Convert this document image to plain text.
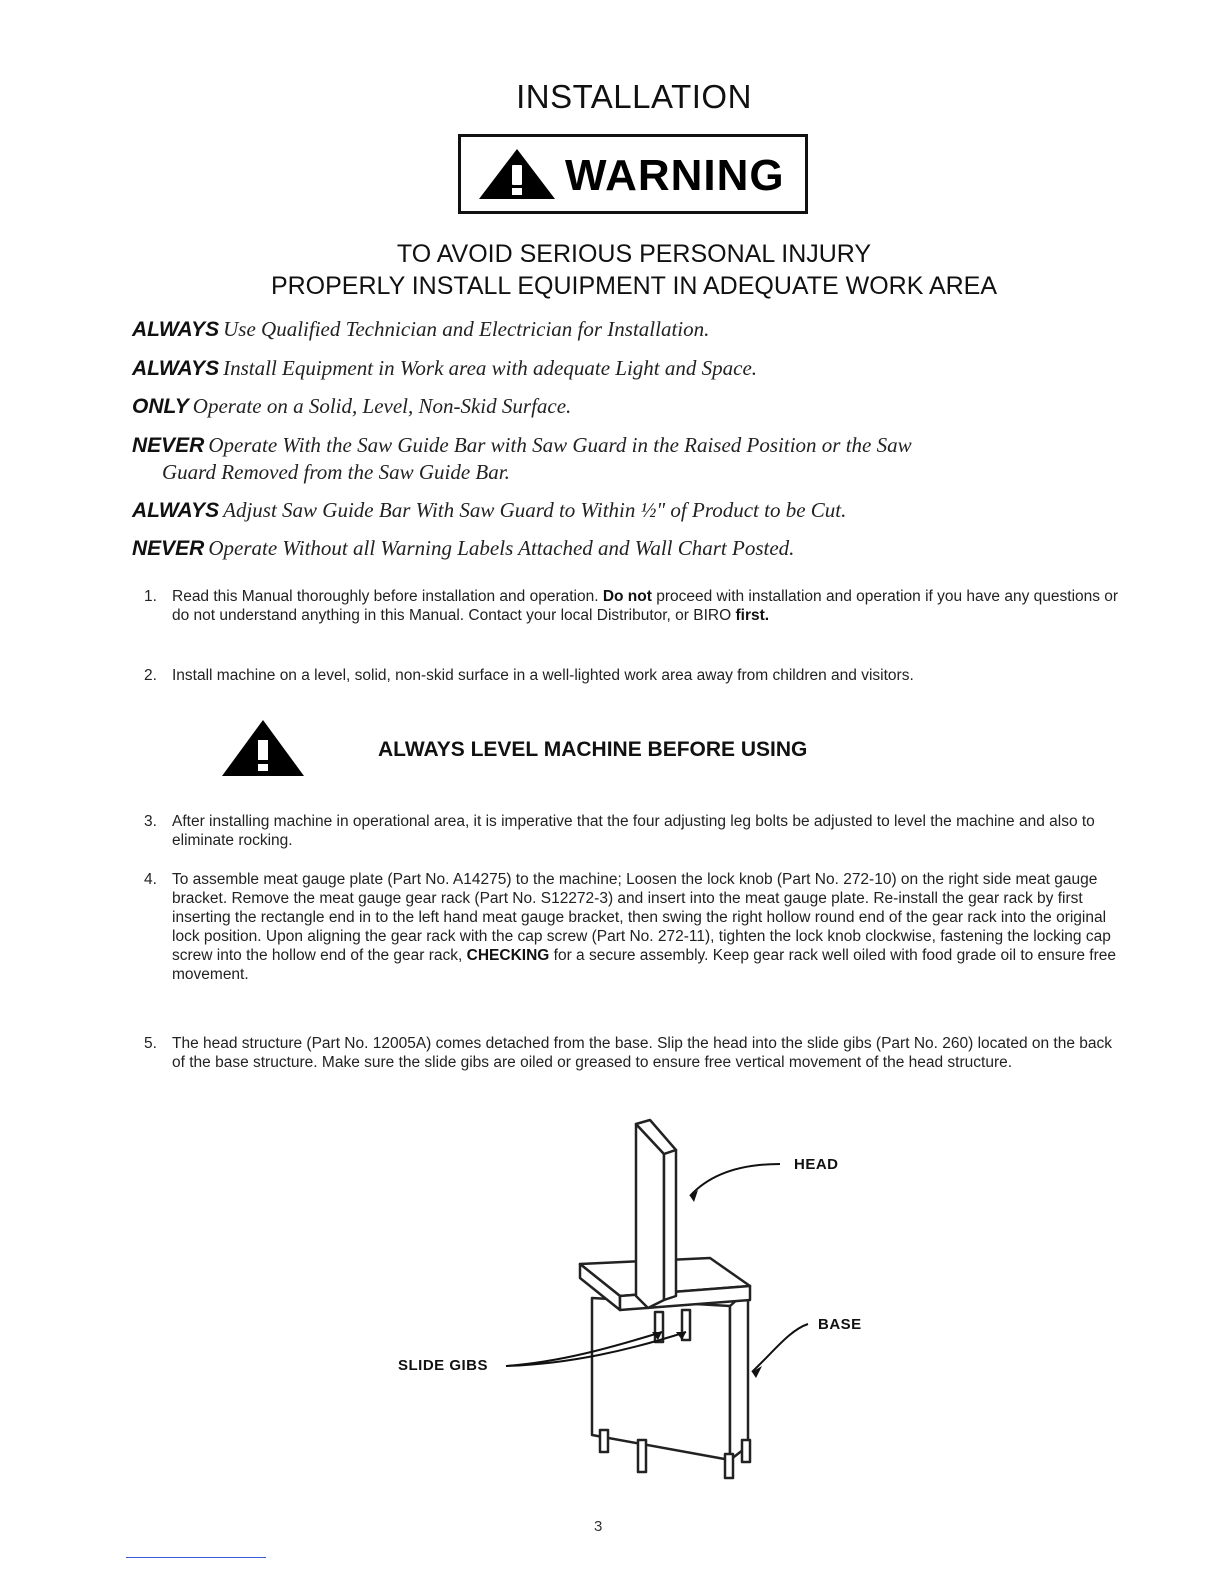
INSTALLATION
WARNING
TO AVOID SERIOUS PERSONAL INJURY
PROPERLY INSTALL EQUIPMENT IN ADEQUATE WORK AREA
ALWAYS Use Qualified Technician and Electrician for Installation.
ALWAYS Install Equipment in Work area with adequate Light and Space.
ONLY Operate on a Solid, Level, Non-Skid Surface.
NEVER Operate With the Saw Guide Bar with Saw Guard in the Raised Position or the Saw
Guard Removed from the Saw Guide Bar.
ALWAYS Adjust Saw Guide Bar With Saw Guard to Within ½" of Product to be Cut.
NEVER Operate Without all Warning Labels Attached and Wall Chart Posted.
1. Read this Manual thoroughly before installation and operation. Do not proceed with installation and operation if you have any questions or do not understand anything in this Manual. Contact your local Distributor, or BIRO first.
2. Install machine on a level, solid, non-skid surface in a well-lighted work area away from children and visitors.
ALWAYS LEVEL MACHINE BEFORE USING
3. After installing machine in operational area, it is imperative that the four adjusting leg bolts be adjusted to level the machine and also to eliminate rocking.
4. To assemble meat gauge plate (Part No. A14275) to the machine; Loosen the lock knob (Part No. 272-10) on the right side meat gauge bracket. Remove the meat gauge gear rack (Part No. S12272-3) and insert into the meat gauge plate. Re-install the gear rack by first inserting the rectangle end in to the left hand meat gauge bracket, then swing the right hollow round end of the gear rack into the original lock position. Upon aligning the gear rack with the cap screw (Part No. 272-11), tighten the lock knob clockwise, fastening the locking cap screw into the hollow end of the gear rack, CHECKING for a secure assembly. Keep gear rack well oiled with food grade oil to ensure free movement.
5. The head structure (Part No. 12005A) comes detached from the base. Slip the head into the slide gibs (Part No. 260) located on the back of the base structure. Make sure the slide gibs are oiled or greased to ensure free vertical movement of the head structure.
HEAD
BASE
SLIDE GIBS
3
